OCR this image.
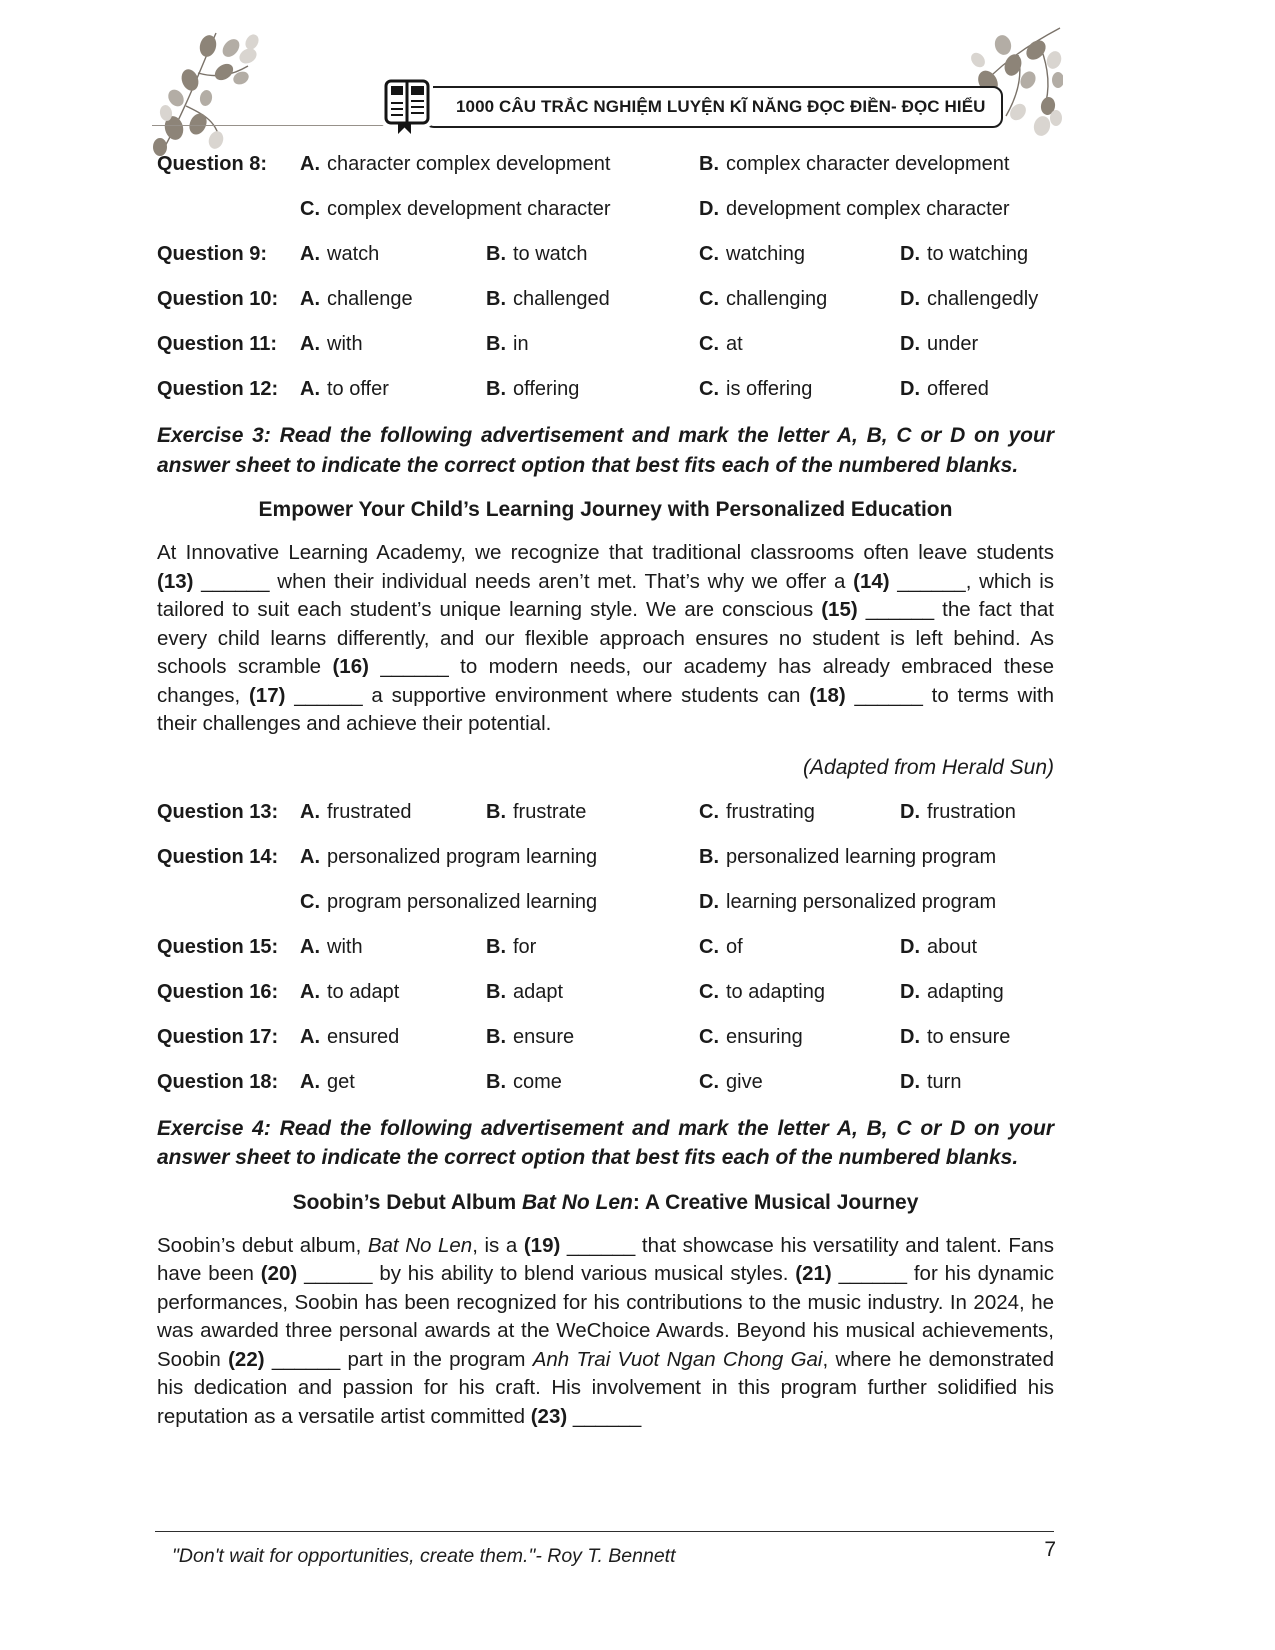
1000 CÂU TRẮC NGHIỆM LUYỆN KĨ NĂNG ĐỌC ĐIỀN- ĐỌC HIỂU
Question 8:	A. character complex development	B. complex character development
C. complex development character	D. development complex character
Question 9:	A. watch	B. to watch	C. watching	D. to watching
Question 10:	A. challenge	B. challenged	C. challenging	D. challengedly
Question 11:	A. with	B. in	C. at	D. under
Question 12:	A. to offer	B. offering	C. is offering	D. offered
Exercise 3: Read the following advertisement and mark the letter A, B, C or D on your answer sheet to indicate the correct option that best fits each of the numbered blanks.
Empower Your Child’s Learning Journey with Personalized Education
At Innovative Learning Academy, we recognize that traditional classrooms often leave students (13) ______ when their individual needs aren’t met. That’s why we offer a (14) ______, which is tailored to suit each student’s unique learning style. We are conscious (15) ______ the fact that every child learns differently, and our flexible approach ensures no student is left behind. As schools scramble (16) ______ to modern needs, our academy has already embraced these changes, (17) ______ a supportive environment where students can (18) ______ to terms with their challenges and achieve their potential.
(Adapted from Herald Sun)
Question 13:	A. frustrated	B. frustrate	C. frustrating	D. frustration
Question 14:	A. personalized program learning	B. personalized learning program
C. program personalized learning	D. learning personalized program
Question 15:	A. with	B. for	C. of	D. about
Question 16:	A. to adapt	B. adapt	C. to adapting	D. adapting
Question 17:	A. ensured	B. ensure	C. ensuring	D. to ensure
Question 18:	A. get	B. come	C. give	D. turn
Exercise 4: Read the following advertisement and mark the letter A, B, C or D on your answer sheet to indicate the correct option that best fits each of the numbered blanks.
Soobin’s Debut Album Bat No Len: A Creative Musical Journey
Soobin’s debut album, Bat No Len, is a (19) ______ that showcase his versatility and talent. Fans have been (20) ______ by his ability to blend various musical styles. (21) ______ for his dynamic performances, Soobin has been recognized for his contributions to the music industry. In 2024, he was awarded three personal awards at the WeChoice Awards. Beyond his musical achievements, Soobin (22) ______ part in the program Anh Trai Vuot Ngan Chong Gai, where he demonstrated his dedication and passion for his craft. His involvement in this program further solidified his reputation as a versatile artist committed (23) ______
"Don't wait for opportunities, create them."- Roy T. Bennett	7
